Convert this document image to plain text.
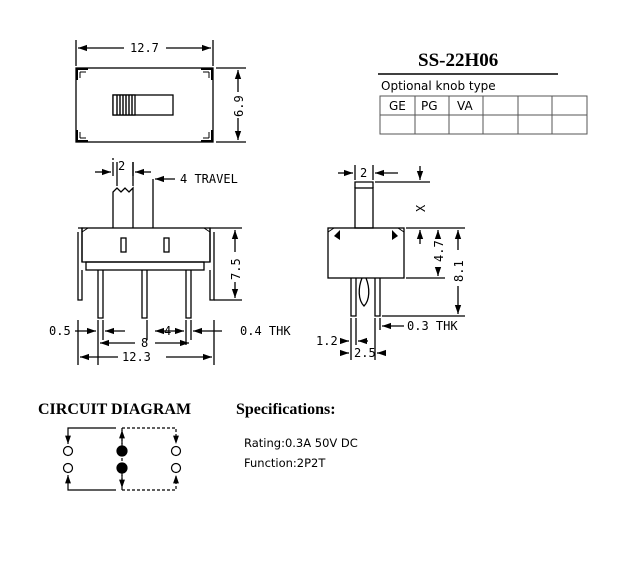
12.7
6.9
2
4 TRAVEL
7.5
0.5	4	0.4 THK
8
12.3
2
X
4.7
8.1
1.2
2.5
0.3 THK
SS-22H06
Optional knob type
GE PG VA
CIRCUIT DIAGRAM	Specifications:
Rating:0.3A 50V DC
Function:2P2T
